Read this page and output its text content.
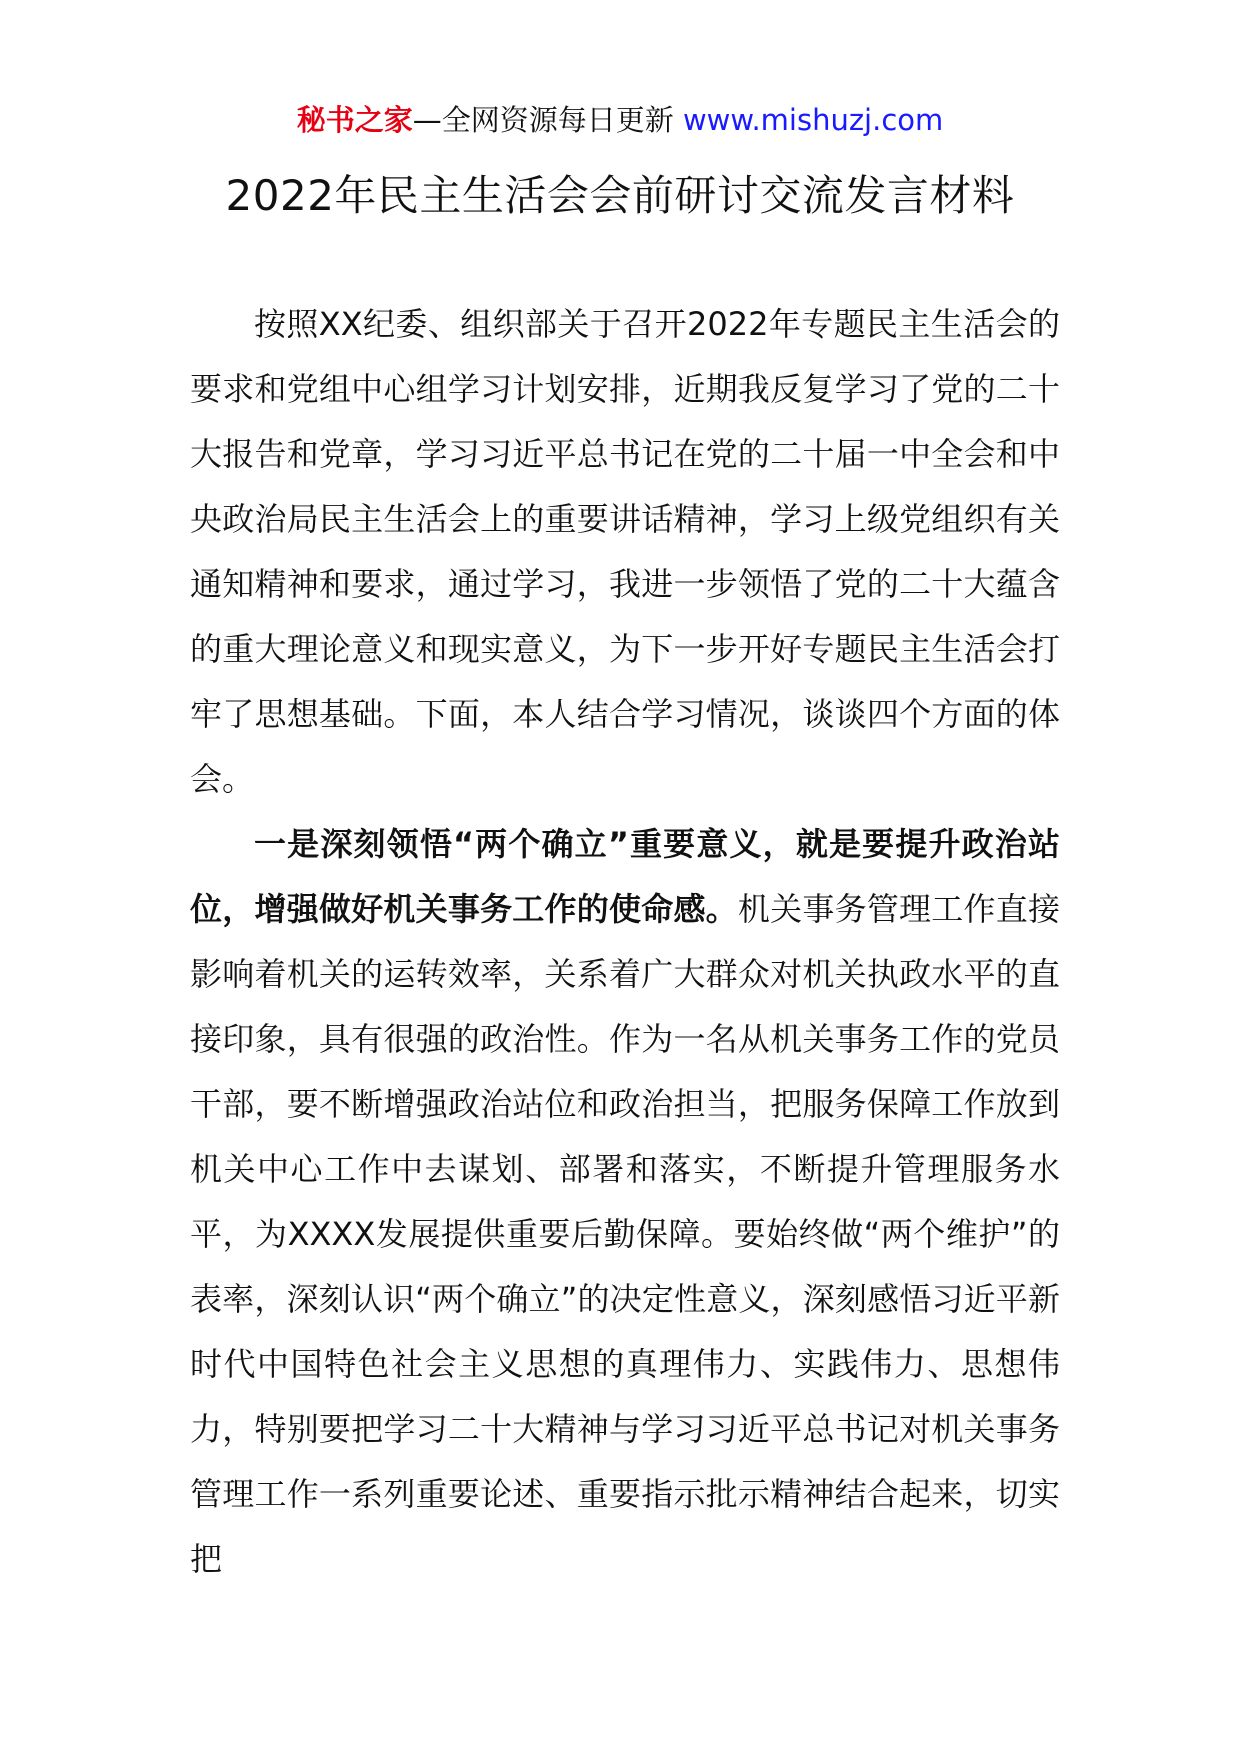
秘书之家—全网资源每日更新 www.mishuzj.com
2022年民主生活会会前研讨交流发言材料

按照XX纪委、组织部关于召开2022年专题民主生活会的要求和党组中心组学习计划安排，近期我反复学习了党的二十大报告和党章，学习习近平总书记在党的二十届一中全会和中央政治局民主生活会上的重要讲话精神，学习上级党组织有关通知精神和要求，通过学习，我进一步领悟了党的二十大蕴含的重大理论意义和现实意义，为下一步开好专题民主生活会打牢了思想基础。下面，本人结合学习情况，谈谈四个方面的体会。

一是深刻领悟“两个确立”重要意义，就是要提升政治站位，增强做好机关事务工作的使命感。机关事务管理工作直接影响着机关的运转效率，关系着广大群众对机关执政水平的直接印象，具有很强的政治性。作为一名从机关事务工作的党员干部，要不断增强政治站位和政治担当，把服务保障工作放到机关中心工作中去谋划、部署和落实，不断提升管理服务水平，为XXXX发展提供重要后勤保障。要始终做“两个维护”的表率，深刻认识“两个确立”的决定性意义，深刻感悟习近平新时代中国特色社会主义思想的真理伟力、实践伟力、思想伟力，特别要把学习二十大精神与学习习近平总书记对机关事务管理工作一系列重要论述、重要指示批示精神结合起来，切实把
